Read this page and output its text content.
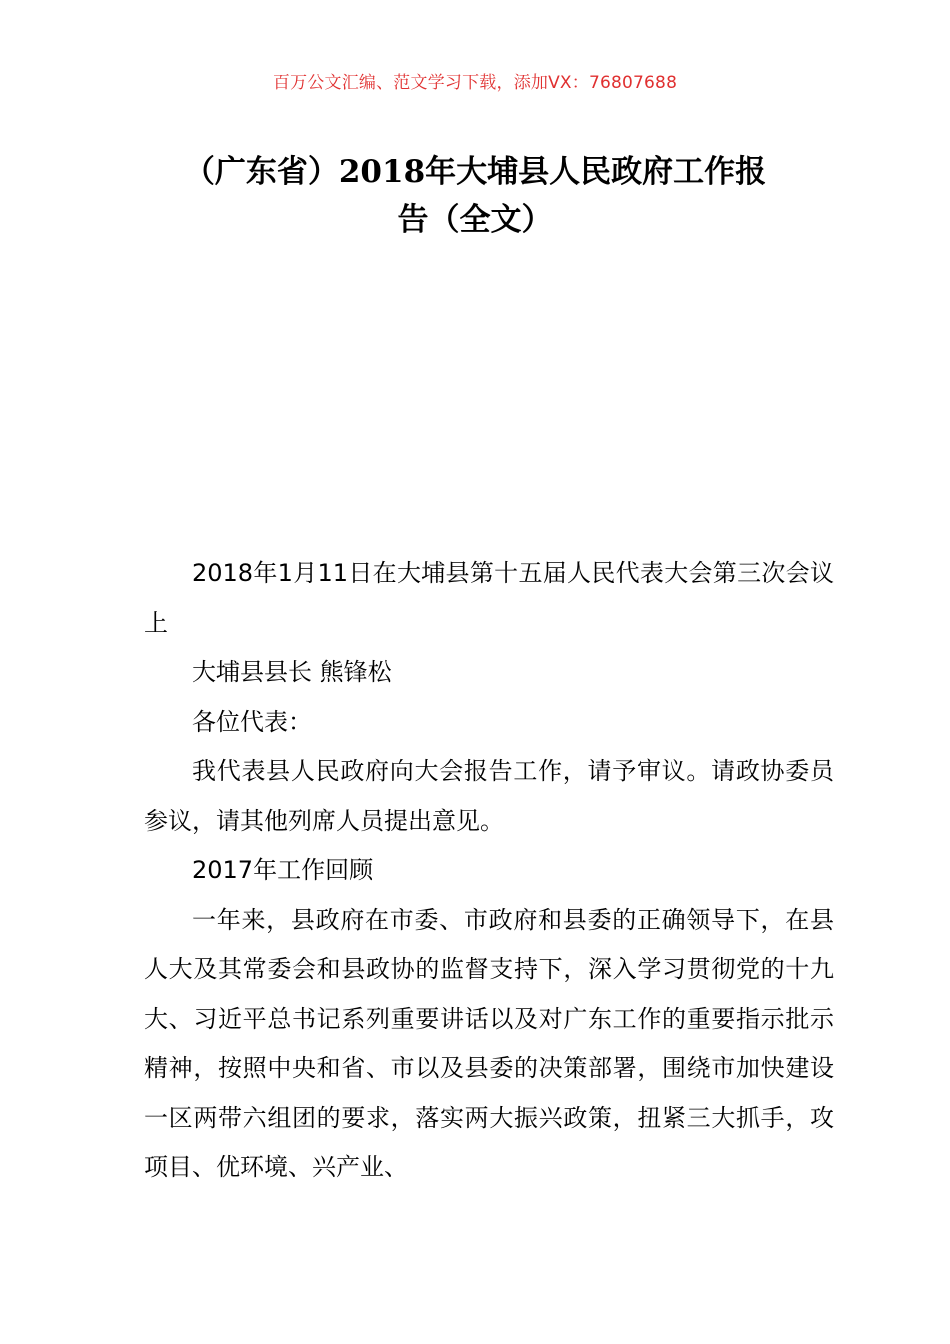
百万公文汇编、范文学习下载，添加VX：76807688
（广东省）2018年大埔县人民政府工作报
告（全文）

2018年1月11日在大埔县第十五届人民代表大会第三次会议上

大埔县县长 熊锋松

各位代表：

我代表县人民政府向大会报告工作，请予审议。请政协委员参议，请其他列席人员提出意见。

2017年工作回顾

一年来，县政府在市委、市政府和县委的正确领导下，在县人大及其常委会和县政协的监督支持下，深入学习贯彻党的十九大、习近平总书记系列重要讲话以及对广东工作的重要指示批示精神，按照中央和省、市以及县委的决策部署，围绕市加快建设一区两带六组团的要求，落实两大振兴政策，扭紧三大抓手，攻项目、优环境、兴产业、
